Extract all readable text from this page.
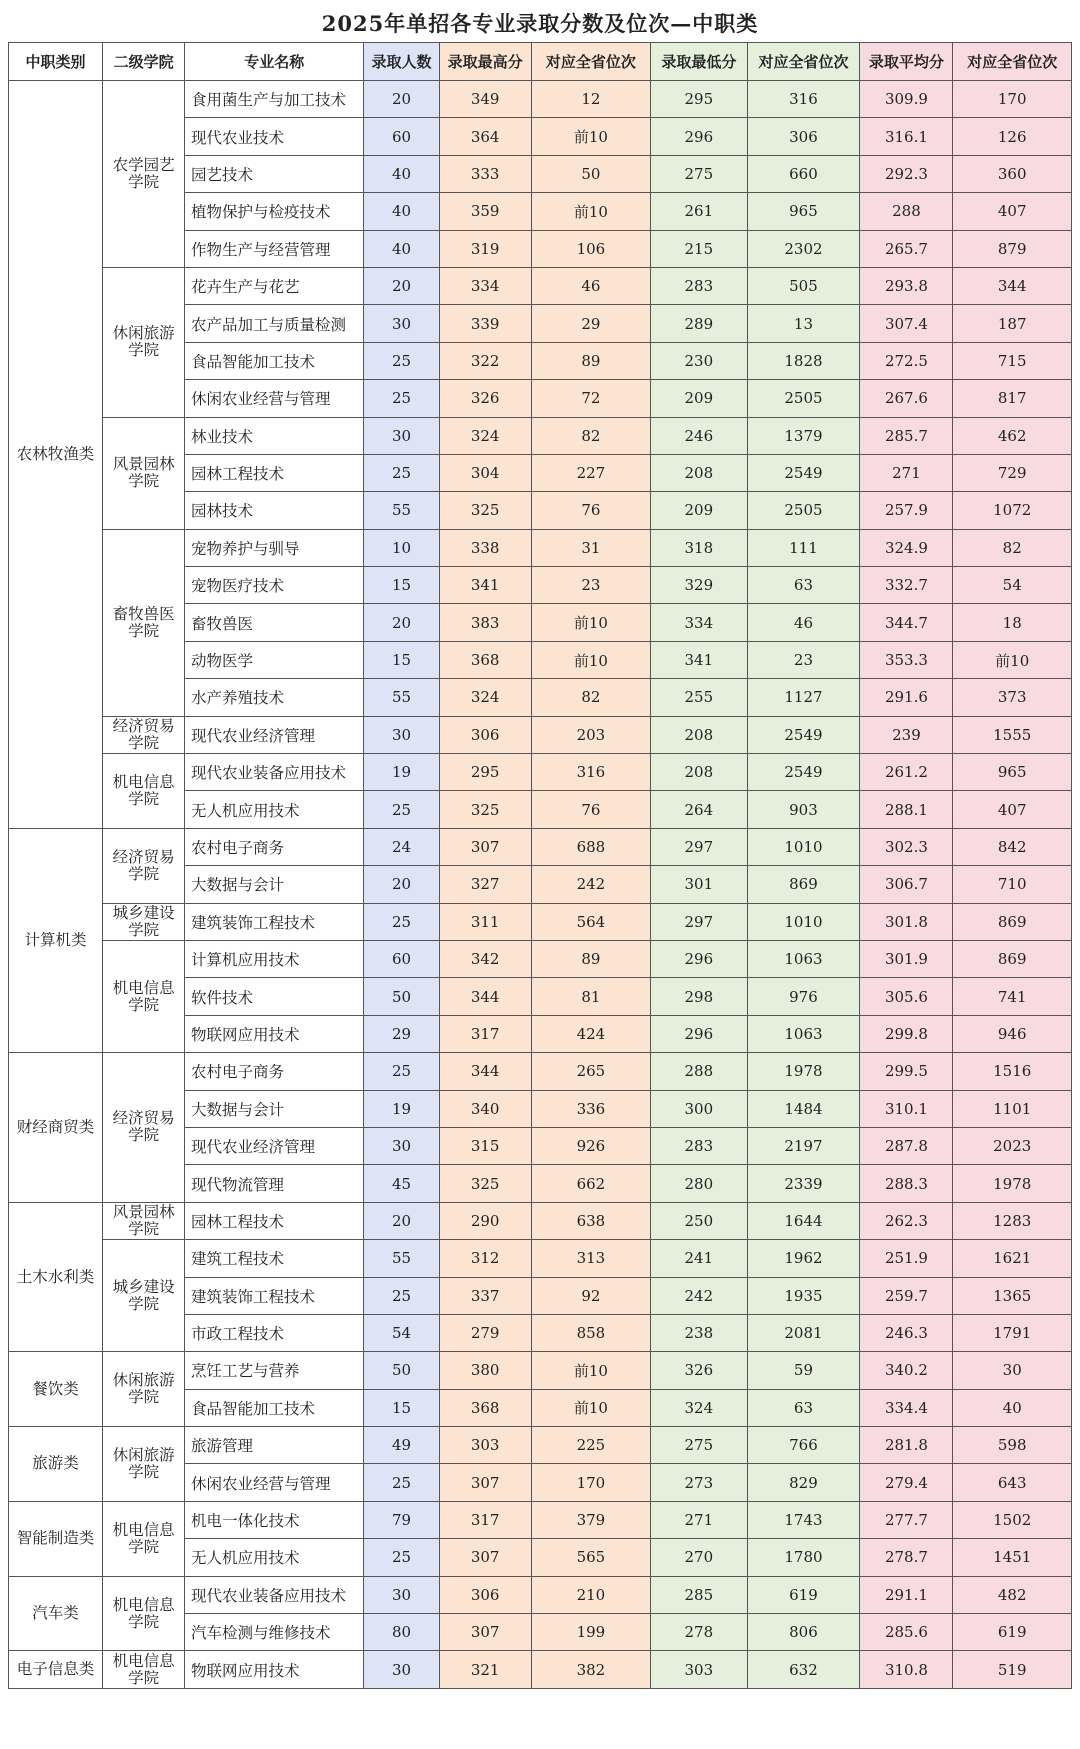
2025年单招各专业录取分数及位次—中职类
中职类别	二级学院	专业名称	录取人数	录取最高分	对应全省位次	录取最低分	对应全省位次	录取平均分	对应全省位次
农林牧渔类	农学园艺学院	食用菌生产与加工技术	20	349	12	295	316	309.9	170
		现代农业技术	60	364	前10	296	306	316.1	126
		园艺技术	40	333	50	275	660	292.3	360
		植物保护与检疫技术	40	359	前10	261	965	288	407
		作物生产与经营管理	40	319	106	215	2302	265.7	879
	休闲旅游学院	花卉生产与花艺	20	334	46	283	505	293.8	344
		农产品加工与质量检测	30	339	29	289	13	307.4	187
		食品智能加工技术	25	322	89	230	1828	272.5	715
		休闲农业经营与管理	25	326	72	209	2505	267.6	817
	风景园林学院	林业技术	30	324	82	246	1379	285.7	462
		园林工程技术	25	304	227	208	2549	271	729
		园林技术	55	325	76	209	2505	257.9	1072
	畜牧兽医学院	宠物养护与驯导	10	338	31	318	111	324.9	82
		宠物医疗技术	15	341	23	329	63	332.7	54
		畜牧兽医	20	383	前10	334	46	344.7	18
		动物医学	15	368	前10	341	23	353.3	前10
		水产养殖技术	55	324	82	255	1127	291.6	373
	经济贸易学院	现代农业经济管理	30	306	203	208	2549	239	1555
	机电信息学院	现代农业装备应用技术	19	295	316	208	2549	261.2	965
		无人机应用技术	25	325	76	264	903	288.1	407
计算机类	经济贸易学院	农村电子商务	24	307	688	297	1010	302.3	842
		大数据与会计	20	327	242	301	869	306.7	710
	城乡建设学院	建筑装饰工程技术	25	311	564	297	1010	301.8	869
	机电信息学院	计算机应用技术	60	342	89	296	1063	301.9	869
		软件技术	50	344	81	298	976	305.6	741
		物联网应用技术	29	317	424	296	1063	299.8	946
财经商贸类	经济贸易学院	农村电子商务	25	344	265	288	1978	299.5	1516
		大数据与会计	19	340	336	300	1484	310.1	1101
		现代农业经济管理	30	315	926	283	2197	287.8	2023
		现代物流管理	45	325	662	280	2339	288.3	1978
土木水利类	风景园林学院	园林工程技术	20	290	638	250	1644	262.3	1283
	城乡建设学院	建筑工程技术	55	312	313	241	1962	251.9	1621
		建筑装饰工程技术	25	337	92	242	1935	259.7	1365
		市政工程技术	54	279	858	238	2081	246.3	1791
餐饮类	休闲旅游学院	烹饪工艺与营养	50	380	前10	326	59	340.2	30
		食品智能加工技术	15	368	前10	324	63	334.4	40
旅游类	休闲旅游学院	旅游管理	49	303	225	275	766	281.8	598
		休闲农业经营与管理	25	307	170	273	829	279.4	643
智能制造类	机电信息学院	机电一体化技术	79	317	379	271	1743	277.7	1502
		无人机应用技术	25	307	565	270	1780	278.7	1451
汽车类	机电信息学院	现代农业装备应用技术	30	306	210	285	619	291.1	482
		汽车检测与维修技术	80	307	199	278	806	285.6	619
电子信息类	机电信息学院	物联网应用技术	30	321	382	303	632	310.8	519
